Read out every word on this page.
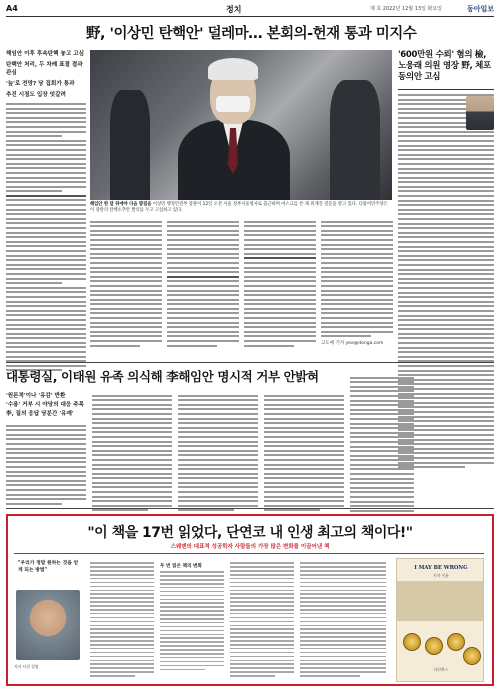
A4	정치	제 호 2022년 12월 13일 화요일	동아일보
野, '이상민 탄핵안' 덜레마… 본회의-헌재 통과 미지수
해임안 이후 후속탄핵 놓고 고심
탄핵안 처리, 두 차례 표결 결과 관심
'늪'로 전망? 당 집회가 통과
추진 시점도 입장 엇갈려
해임안 한 달 뒤에야 다음 발걸음 이상민 행정안전부 장관이 12일 오전 서울 정부서울청사로 출근하며 마스크를 쓴 채 취재진 질문을 받고 있다. 더불어민주당은 이 장관의 탄핵소추안 발의를 두고 고심하고 있다.
고도예 기자 yea@donga.com
'600만원 수뢰' 혐의 檢, 노웅래 의원 영장 野, 체포동의안 고심
대통령실, 이태원 유족 의식해 李해임안 명시적 거부 안밝혀
'원론적'이나 '유감' 반환
'수용' 거부 시 야당의 대응 주목
李, 질의 응답 당분간 '유예'
"이 책을 17번 읽었다, 단연코 내 인생 최고의 책이다!"
스웨덴의 대표적 성공학자 사람들의 가장 많은 변화를 이끌어낸 책
"우리가 정말 원하는 것을 얻게 되는 방법"
저자 사진 설명
두 번 읽은 책의 변화	I MAY BE WRONG
저자 이름
다산북스
